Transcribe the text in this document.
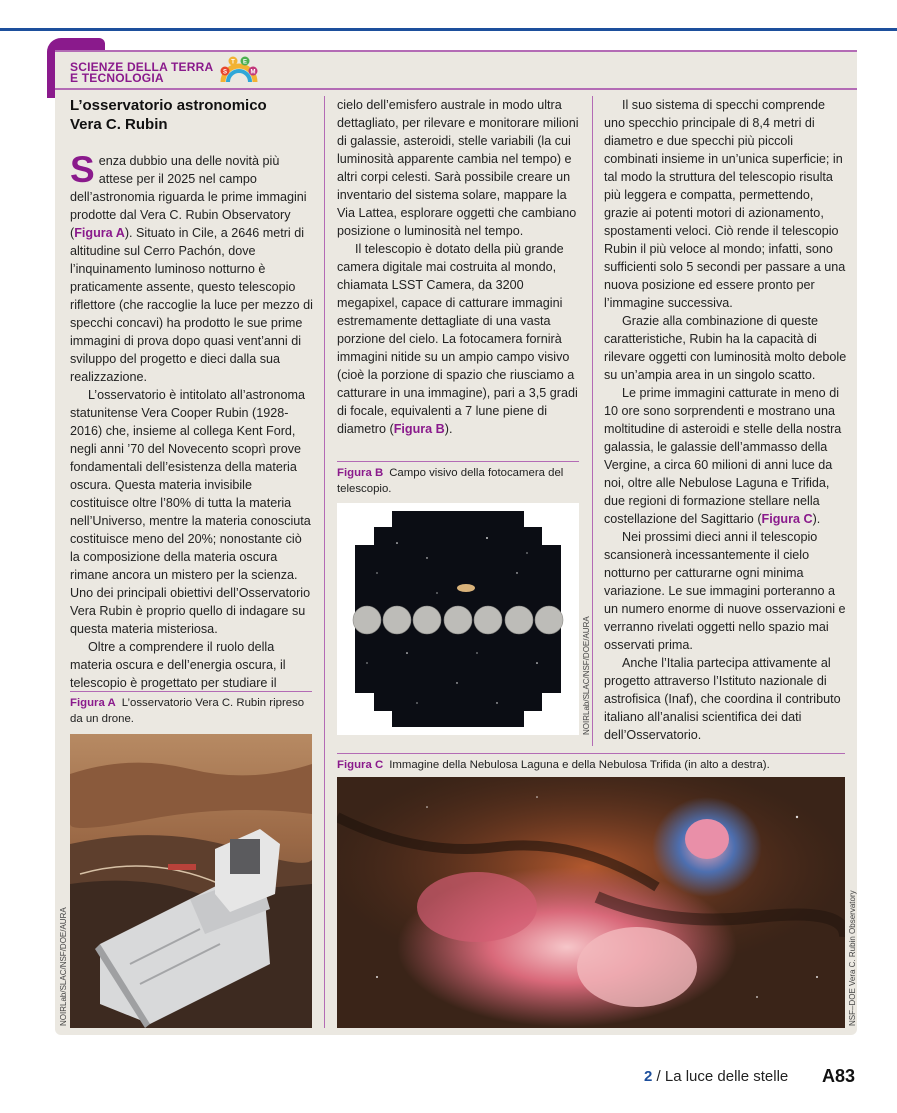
SCIENZE DELLA TERRA
E TECNOLOGIA	S
T E
M
L’osservatorio astronomico
Vera C. Rubin

Senza dubbio una delle novità più attese per il 2025 nel campo dell’astronomia riguarda le prime immagini prodotte dal Vera C. Rubin Observatory (Figura A). Situato in Cile, a 2646 metri di altitudine sul Cerro Pachón, dove l’inquinamento luminoso notturno è praticamente assente, questo telescopio riflettore (che raccoglie la luce per mezzo di specchi concavi) ha prodotto le sue prime immagini di prova dopo quasi vent’anni di sviluppo del progetto e dieci dalla sua realizzazione.

L’osservatorio è intitolato all’astronoma statunitense Vera Cooper Rubin (1928-2016) che, insieme al collega Kent Ford, negli anni ’70 del Novecento scoprì prove fondamentali dell’esistenza della materia oscura. Questa materia invisibile costituisce oltre l’80% di tutta la materia nell’Universo, mentre la materia conosciuta costituisce meno del 20%; nonostante ciò la composizione della materia oscura rimane ancora un mistero per la scienza. Uno dei principali obiettivi dell’Osservatorio Vera Rubin è proprio quello di indagare su questa materia misteriosa.

Oltre a comprendere il ruolo della materia oscura e dell’energia oscura, il telescopio è progettato per studiare il

Figura A L’osservatorio Vera C. Rubin ripreso da un drone.
NOIRLab/SLAC/NSF/DOE/AURA

cielo dell’emisfero australe in modo ultra dettagliato, per rilevare e monitorare milioni di galassie, asteroidi, stelle variabili (la cui luminosità apparente cambia nel tempo) e altri corpi celesti. Sarà possibile creare un inventario del sistema solare, mappare la Via Lattea, esplorare oggetti che cambiano posizione o luminosità nel tempo.

Il telescopio è dotato della più grande camera digitale mai costruita al mondo, chiamata LSST Camera, da 3200 megapixel, capace di catturare immagini estremamente dettagliate di una vasta porzione del cielo. La fotocamera fornirà immagini nitide su un ampio campo visivo (cioè la porzione di spazio che riusciamo a catturare in una immagine), pari a 3,5 gradi di focale, equivalenti a 7 lune piene di diametro (Figura B).

Figura B Campo visivo della fotocamera del telescopio.
NOIRLab/SLAC/NSF/DOE/AURA

Il suo sistema di specchi comprende uno specchio principale di 8,4 metri di diametro e due specchi più piccoli combinati insieme in un’unica superficie; in tal modo la struttura del telescopio risulta più leggera e compatta, permettendo, grazie ai potenti motori di azionamento, spostamenti veloci. Ciò rende il telescopio Rubin il più veloce al mondo; infatti, sono sufficienti solo 5 secondi per passare a una nuova posizione ed essere pronto per l’immagine successiva.

Grazie alla combinazione di queste caratteristiche, Rubin ha la capacità di rilevare oggetti con luminosità molto debole su un’ampia area in un singolo scatto.

Le prime immagini catturate in meno di 10 ore sono sorprendenti e mostrano una moltitudine di asteroidi e stelle della nostra galassia, le galassie dell’ammasso della Vergine, a circa 60 milioni di anni luce da noi, oltre alle Nebulose Laguna e Trifida, due regioni di formazione stellare nella costellazione del Sagittario (Figura C).

Nei prossimi dieci anni il telescopio scansionerà incessantemente il cielo notturno per catturarne ogni minima variazione. Le sue immagini porteranno a un numero enorme di nuove osservazioni e verranno rivelati oggetti nello spazio mai osservati prima.

Anche l’Italia partecipa attivamente al progetto attraverso l’Istituto nazionale di astrofisica (Inaf), che coordina il contributo italiano all’analisi scientifica dei dati dell’Osservatorio.

Figura C Immagine della Nebulosa Laguna e della Nebulosa Trifida (in alto a destra).
NSF–DOE Vera C. Rubin Observatory
2 / La luce delle stelle A83
